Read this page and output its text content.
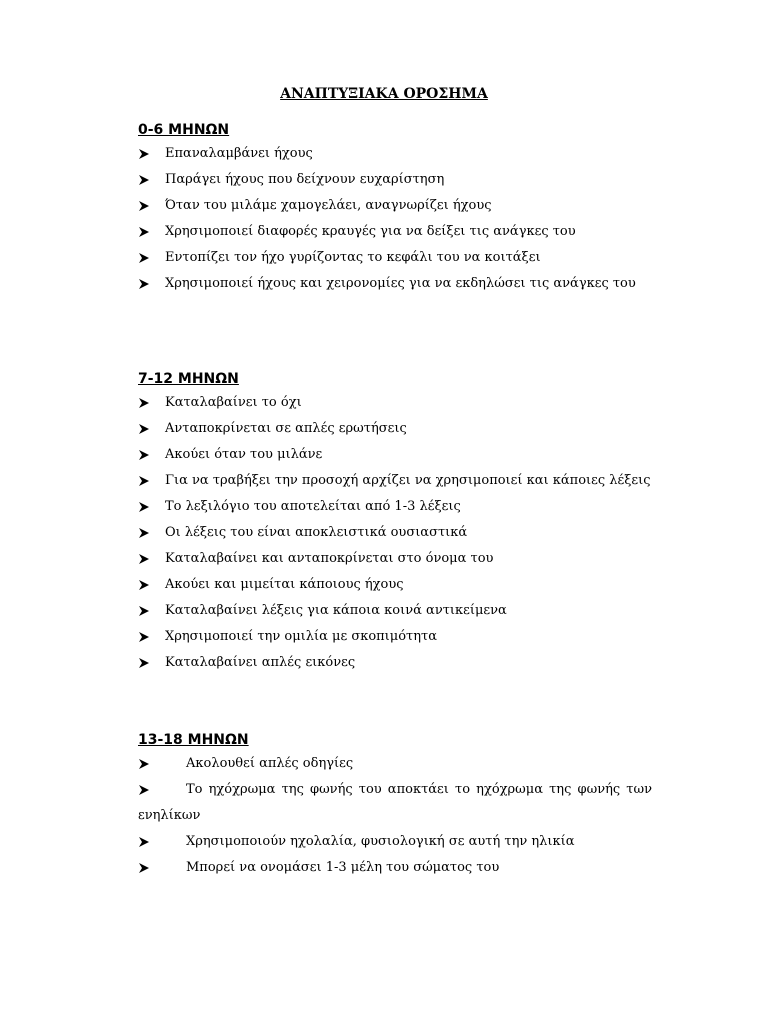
ΑΝΑΠΤΥΞΙΑΚΑ ΟΡΟΣΗΜΑ
0-6 ΜΗΝΩΝ
Επαναλαμβάνει ήχους
Παράγει ήχους που δείχνουν ευχαρίστηση
Όταν του μιλάμε χαμογελάει, αναγνωρίζει ήχους
Χρησιμοποιεί διαφορές κραυγές για να δείξει τις ανάγκες του
Εντοπίζει τον ήχο γυρίζοντας το κεφάλι του να κοιτάξει
Χρησιμοποιεί ήχους και χειρονομίες για να εκδηλώσει τις ανάγκες του
7-12 ΜΗΝΩΝ
Καταλαβαίνει το όχι
Ανταποκρίνεται σε απλές ερωτήσεις
Ακούει όταν του μιλάνε
Για να τραβήξει την προσοχή αρχίζει να χρησιμοποιεί και κάποιες λέξεις
Το λεξιλόγιο του αποτελείται από 1-3 λέξεις
Οι λέξεις του είναι αποκλειστικά ουσιαστικά
Καταλαβαίνει και ανταποκρίνεται στο όνομα του
Ακούει και μιμείται κάποιους ήχους
Καταλαβαίνει λέξεις για κάποια κοινά αντικείμενα
Χρησιμοποιεί την ομιλία με σκοπιμότητα
Καταλαβαίνει απλές εικόνες
13-18 ΜΗΝΩΝ
Ακολουθεί απλές οδηγίες
Το ηχόχρωμα της φωνής του αποκτάει το ηχόχρωμα της φωνής των ενηλίκων
Χρησιμοποιούν ηχολαλία, φυσιολογική σε αυτή την ηλικία
Μπορεί να ονομάσει 1-3 μέλη του σώματος του
